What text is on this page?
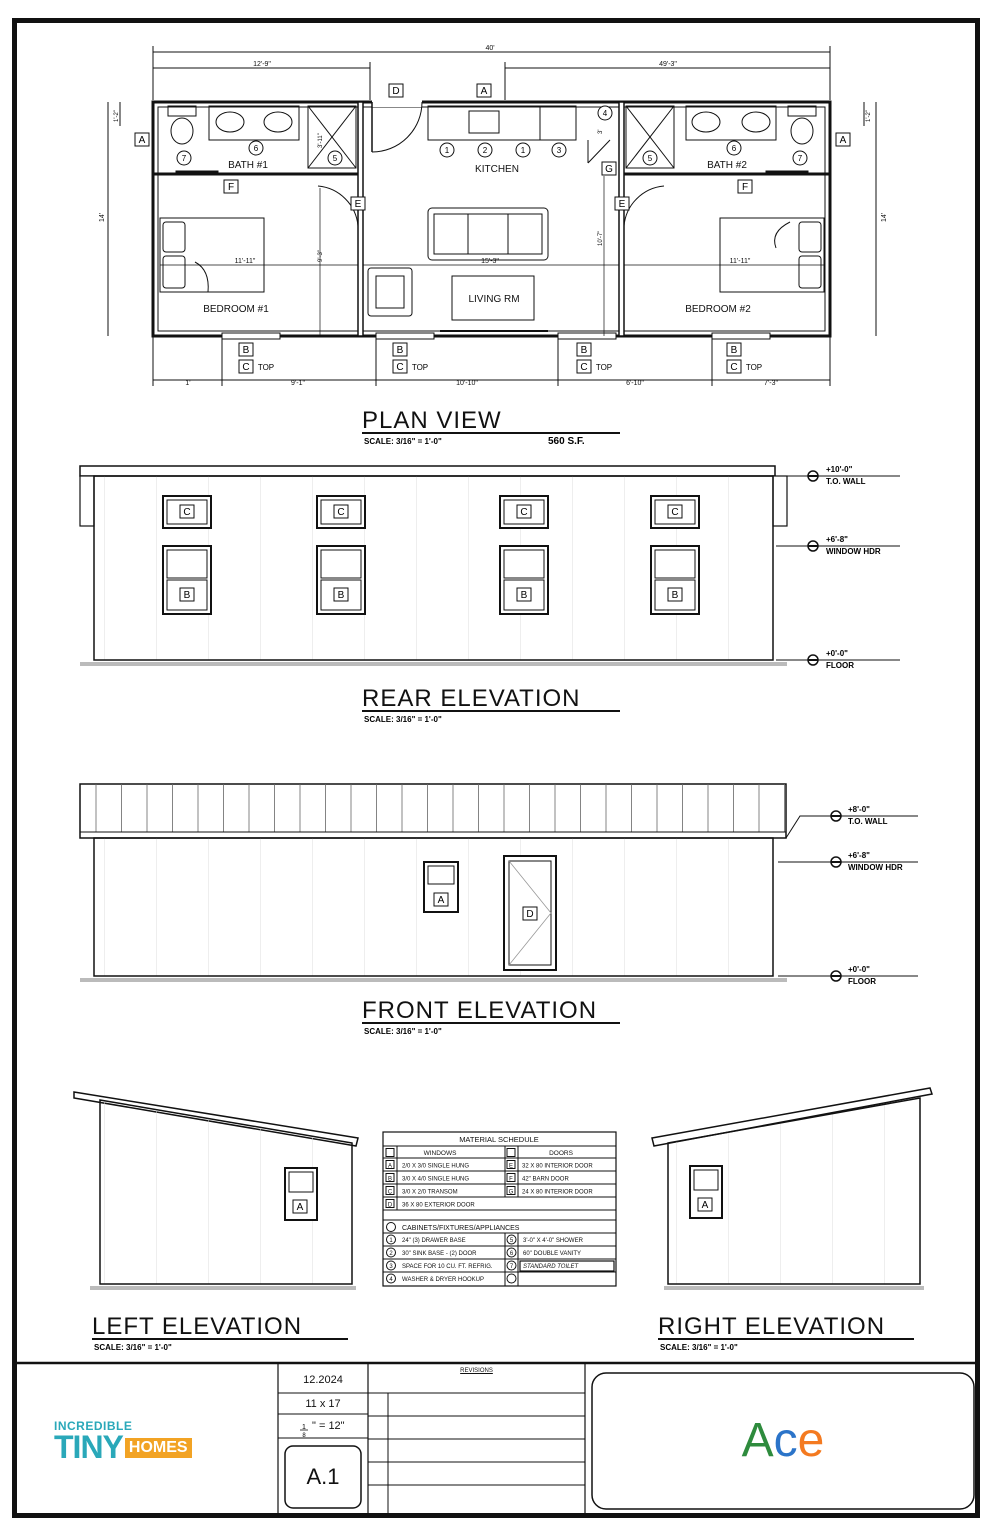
40'
12'-9"	49'-3"
14'	14'
1'-2"	1'-2"
3'-11"
9'-3"
3'
10'-7"
11'-11"	15'-3"	11'-11"
1'	9'-1"	10'-10"	6'-10"	7'-3"
BATH #1	BATH #2
KITCHEN
LIVING RM
BEDROOM #1	BEDROOM #2
D	A
A	A
F	F
E	E
G
B
C TOP
B
C TOP
B
C TOP
B
C TOP
7
6
5
1	2	1	3
4
5
6
7
PLAN VIEW
SCALE: 3/16" = 1'-0"	560 S.F.
C
B
C
B
C
B
C
B
+10'-0"
T.O. WALL
+6'-8"
WINDOW HDR
+0'-0"
FLOOR
REAR ELEVATION
SCALE: 3/16" = 1'-0"
A
D
+8'-0"
T.O. WALL
+6'-8"
WINDOW HDR
+0'-0"
FLOOR
FRONT ELEVATION
SCALE: 3/16" = 1'-0"
A
LEFT ELEVATION
SCALE: 3/16" = 1'-0"
A
RIGHT ELEVATION
SCALE: 3/16" = 1'-0"
MATERIAL SCHEDULE
WINDOWS	DOORS
A 2/0 X 3/0 SINGLE HUNG	E 32 X 80 INTERIOR DOOR
B 3/0 X 4/0 SINGLE HUNG	F 42" BARN DOOR
C 3/0 X 2/0 TRANSOM	G 24 X 80 INTERIOR DOOR
D 36 X 80 EXTERIOR DOOR
CABINETS/FIXTURES/APPLIANCES
1 24" (3) DRAWER BASE	5 3'-0" X 4'-0" SHOWER
2 30" SINK BASE - (2) DOOR	6 60" DOUBLE VANITY
3 SPACE FOR 10 CU. FT. REFRIG.	7 STANDARD TOILET
4 WASHER & DRYER HOOKUP
1
8
12.2024
11 x 17
" = 12"
A.1
REVISIONS
INCREDIBLE
TINY HOMES	A c e
